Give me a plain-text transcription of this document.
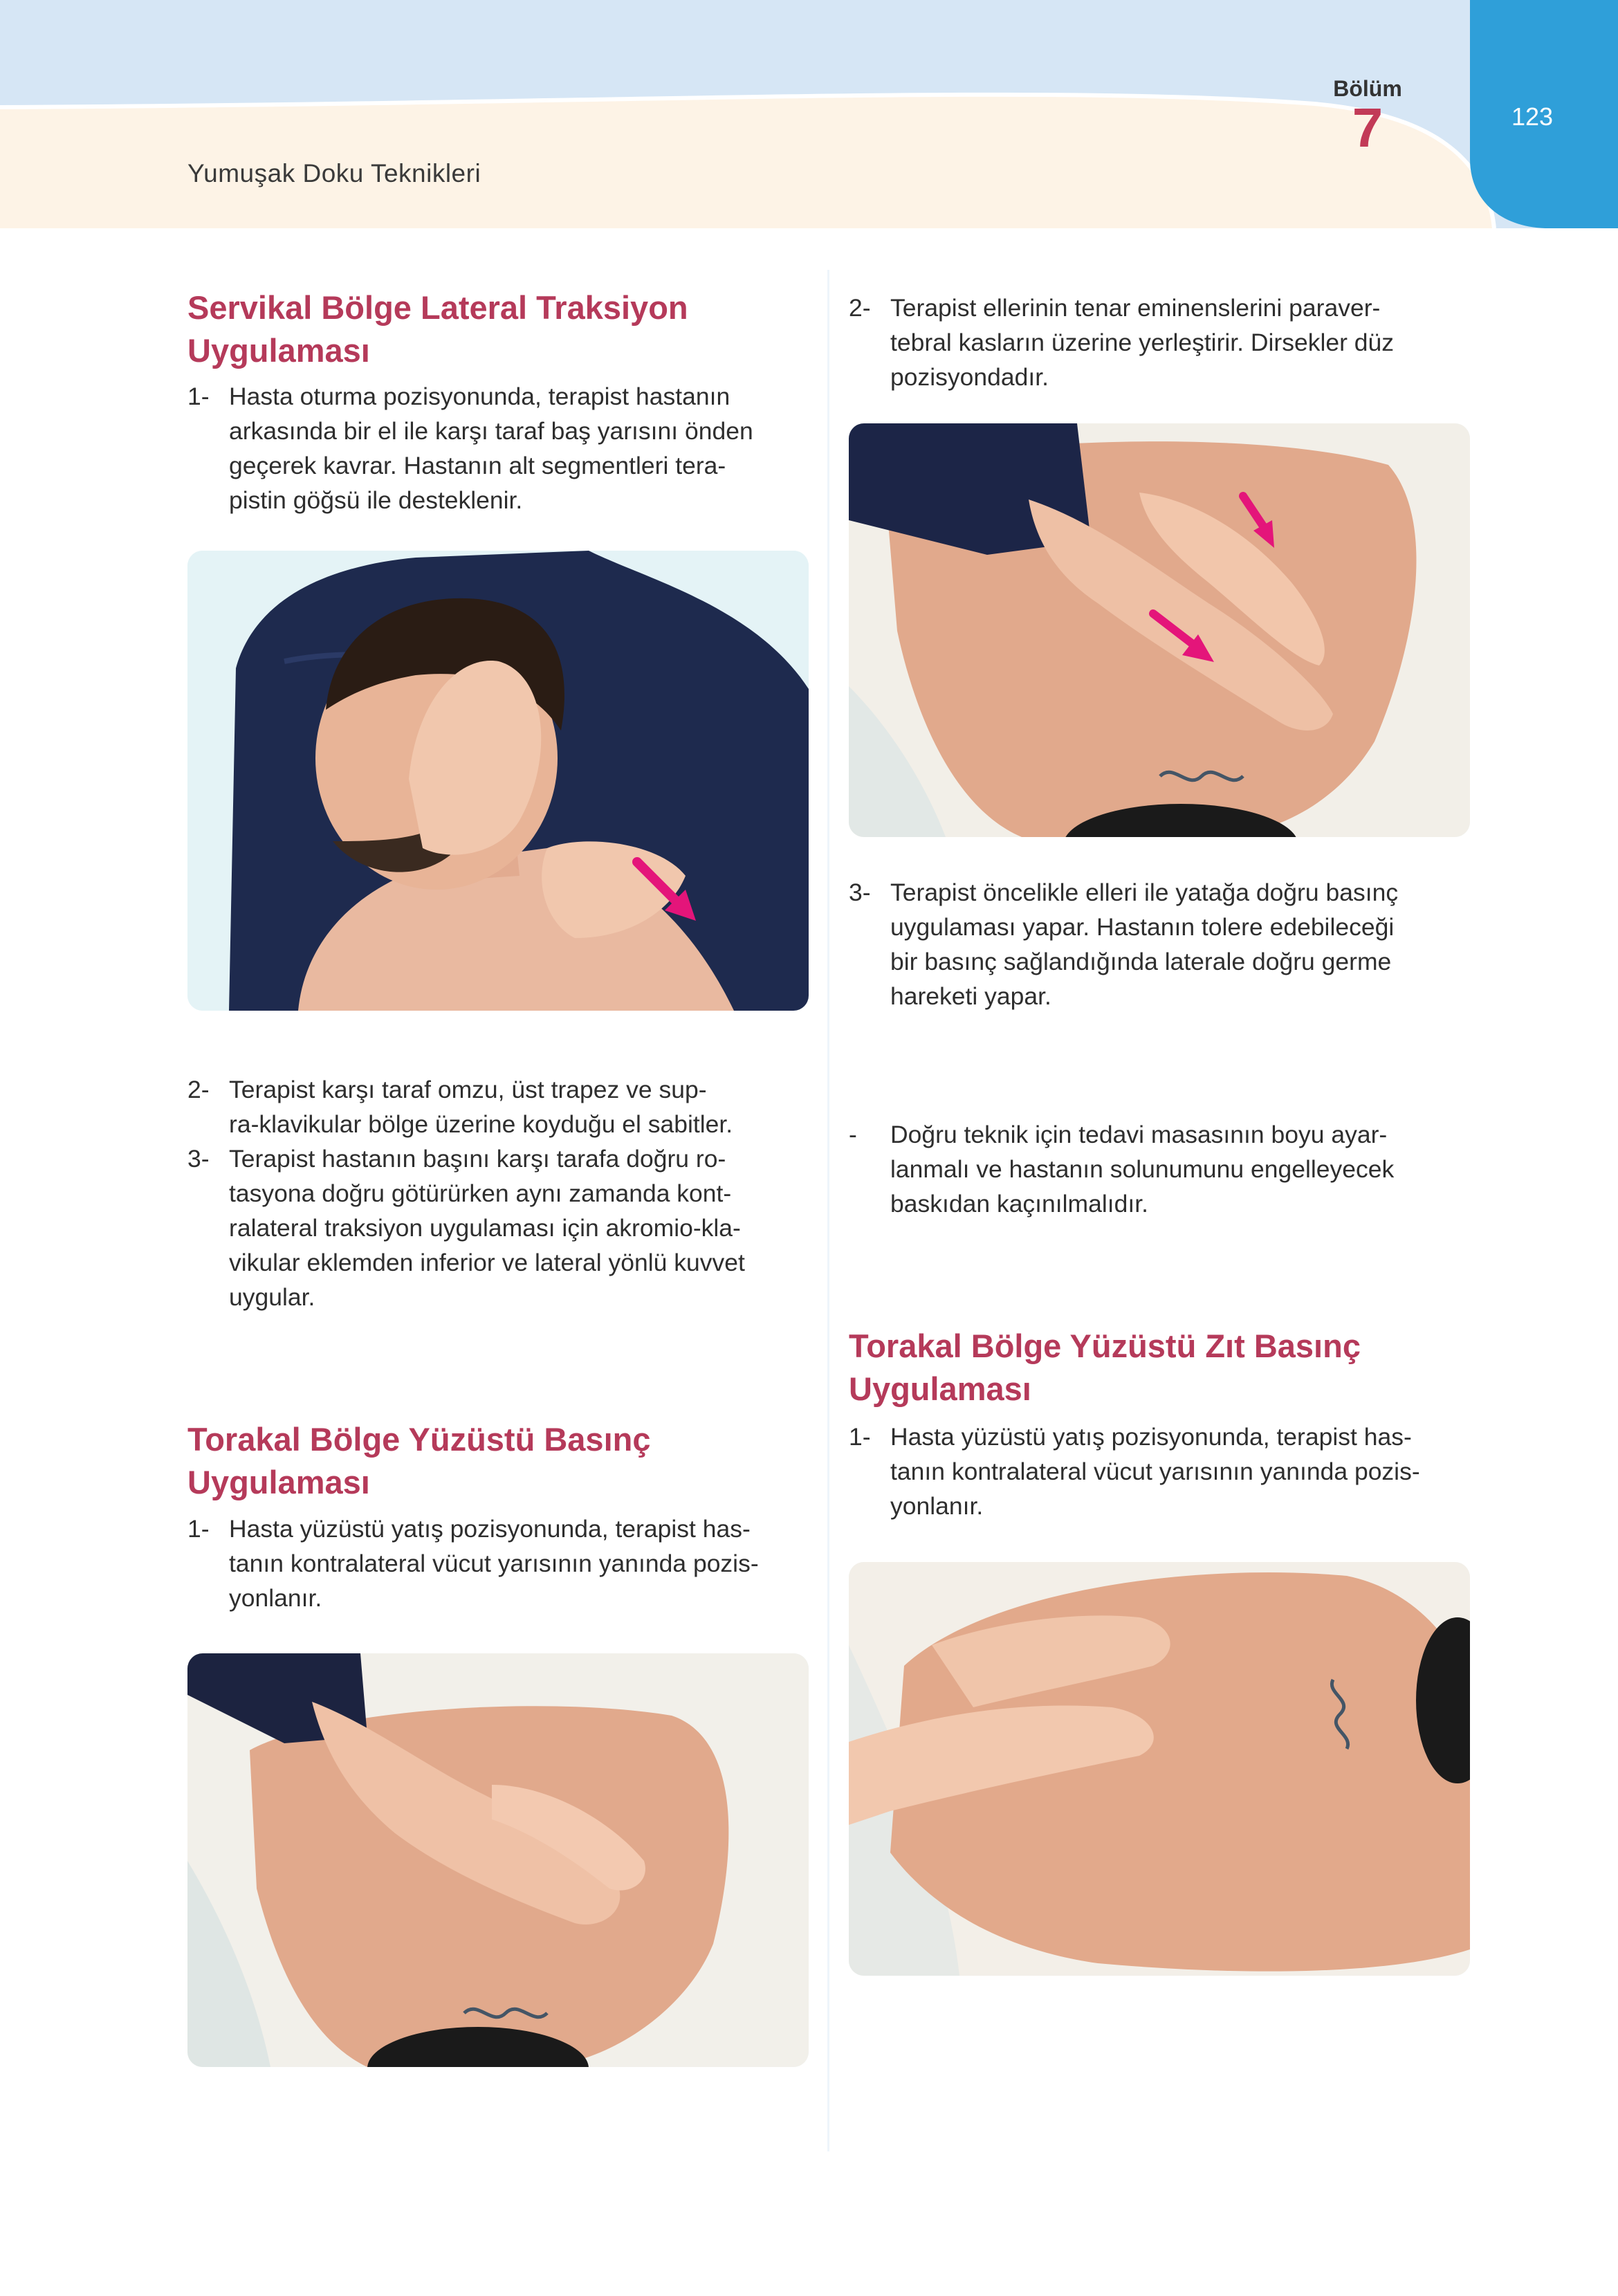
Yumuşak Doku Teknikleri
Bölüm
7	123
Servikal Bölge Lateral Traksiyon
Uygulaması
1- Hasta oturma pozisyonunda, terapist hastanın
arkasında bir el ile karşı taraf baş yarısını önden
geçerek kavrar. Hastanın alt segmentleri tera-
pistin göğsü ile desteklenir.
2- Terapist karşı taraf omzu, üst trapez ve sup-
ra-klavikular bölge üzerine koyduğu el sabitler.
3- Terapist hastanın başını karşı tarafa doğru ro-
tasyona doğru götürürken aynı zamanda kont-
ralateral traksiyon uygulaması için akromio-kla-
vikular eklemden inferior ve lateral yönlü kuvvet
uygular.
Torakal Bölge Yüzüstü Basınç
Uygulaması
1- Hasta yüzüstü yatış pozisyonunda, terapist has-
tanın kontralateral vücut yarısının yanında pozis-
yonlanır.
2- Terapist ellerinin tenar eminenslerini paraver-
tebral kasların üzerine yerleştirir. Dirsekler düz
pozisyondadır.
3- Terapist öncelikle elleri ile yatağa doğru basınç
uygulaması yapar. Hastanın tolere edebileceği
bir basınç sağlandığında laterale doğru germe
hareketi yapar.
- Doğru teknik için tedavi masasının boyu ayar-
lanmalı ve hastanın solunumunu engelleyecek
baskıdan kaçınılmalıdır.
Torakal Bölge Yüzüstü Zıt Basınç
Uygulaması
1- Hasta yüzüstü yatış pozisyonunda, terapist has-
tanın kontralateral vücut yarısının yanında pozis-
yonlanır.
